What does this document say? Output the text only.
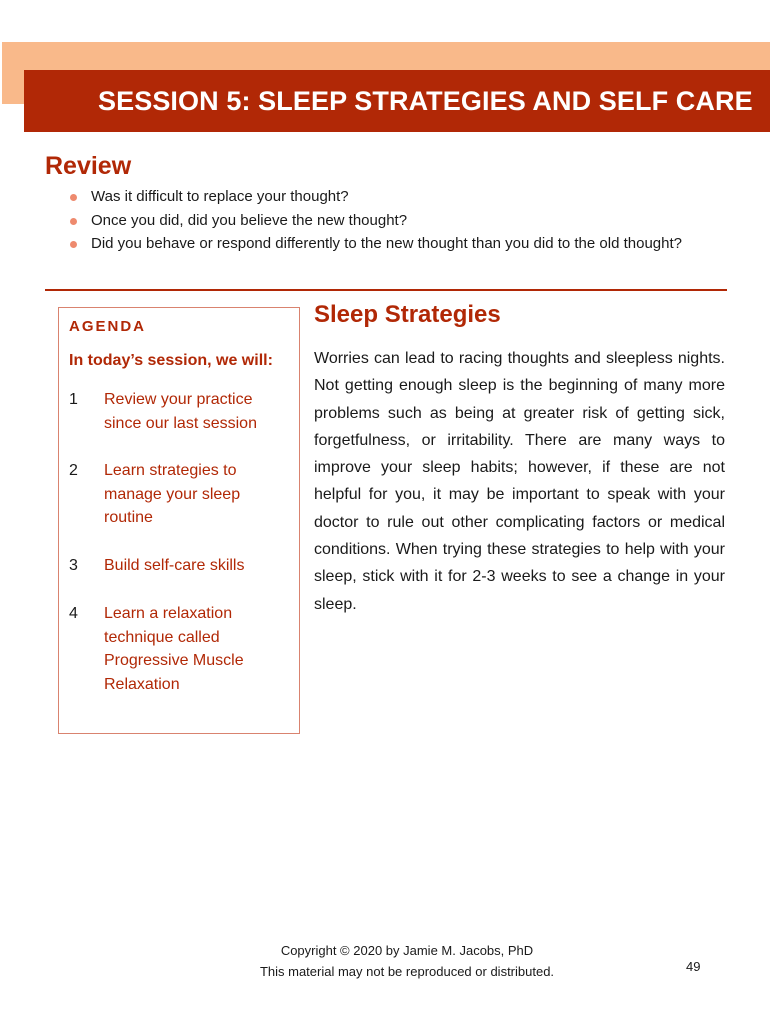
SESSION 5: SLEEP STRATEGIES AND SELF CARE
Review
Was it difficult to replace your thought?
Once you did, did you believe the new thought?
Did you behave or respond differently to the new thought than you did to the old thought?
AGENDA

In today’s session, we will:

1 Review your practice since our last session
2 Learn strategies to manage your sleep routine
3 Build self-care skills
4 Learn a relaxation technique called Progressive Muscle Relaxation
Sleep Strategies

Worries can lead to racing thoughts and sleepless nights. Not getting enough sleep is the beginning of many more problems such as being at greater risk of getting sick, forgetfulness, or irritability. There are many ways to improve your sleep habits; however, if these are not helpful for you, it may be important to speak with your doctor to rule out other complicating factors or medical conditions. When trying these strategies to help with your sleep, stick with it for 2-3 weeks to see a change in your sleep.

Copyright © 2020 by Jamie M. Jacobs, PhD
This material may not be reproduced or distributed.	49
